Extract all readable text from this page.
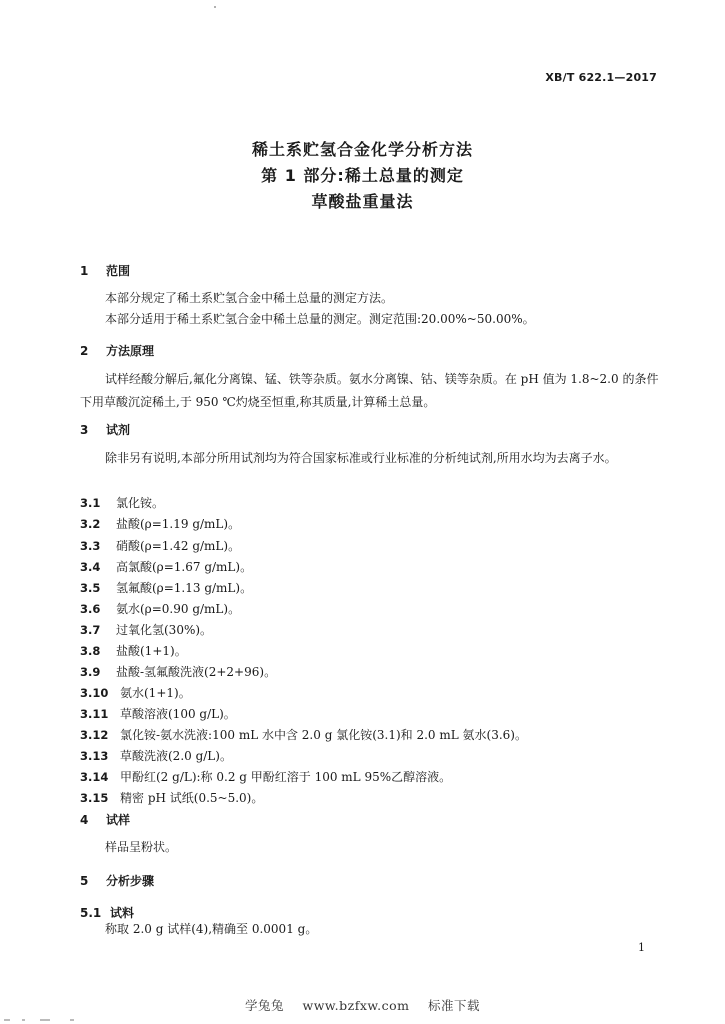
XB/T 622.1—2017
稀土系贮氢合金化学分析方法
第 1 部分:稀土总量的测定
草酸盐重量法
1 范围
本部分规定了稀土系贮氢合金中稀土总量的测定方法。
本部分适用于稀土系贮氢合金中稀土总量的测定。测定范围:20.00%~50.00%。
2 方法原理
试样经酸分解后,氟化分离镍、锰、铁等杂质。氨水分离镍、钴、镁等杂质。在 pH 值为 1.8~2.0 的条件下用草酸沉淀稀土,于 950 ℃灼烧至恒重,称其质量,计算稀土总量。
3 试剂
除非另有说明,本部分所用试剂均为符合国家标准或行业标准的分析纯试剂,所用水均为去离子水。
3.1 氯化铵。
3.2 盐酸(ρ=1.19 g/mL)。
3.3 硝酸(ρ=1.42 g/mL)。
3.4 高氯酸(ρ=1.67 g/mL)。
3.5 氢氟酸(ρ=1.13 g/mL)。
3.6 氨水(ρ=0.90 g/mL)。
3.7 过氧化氢(30%)。
3.8 盐酸(1+1)。
3.9 盐酸-氢氟酸洗液(2+2+96)。
3.10 氨水(1+1)。
3.11 草酸溶液(100 g/L)。
3.12 氯化铵-氨水洗液:100 mL 水中含 2.0 g 氯化铵(3.1)和 2.0 mL 氨水(3.6)。
3.13 草酸洗液(2.0 g/L)。
3.14 甲酚红(2 g/L):称 0.2 g 甲酚红溶于 100 mL 95%乙醇溶液。
3.15 精密 pH 试纸(0.5~5.0)。
4 试样
样品呈粉状。
5 分析步骤
5.1 试料
称取 2.0 g 试样(4),精确至 0.0001 g。
1
学兔兔 www.bzfxw.com 标准下载
